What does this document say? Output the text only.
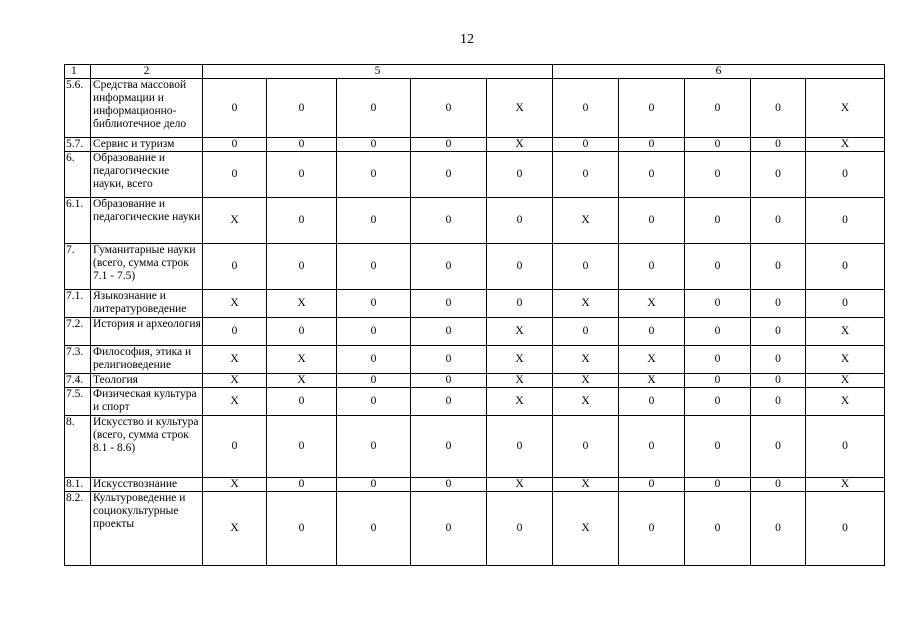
12
1	2	5					6				
5.6.	Средства массовой информации и информационно-библиотечное дело	0	0	0	0	X	0	0	0	0	X
5.7.	Сервис и туризм	0	0	0	0	X	0	0	0	0	X
6.	Образование и педагогические науки, всего	0	0	0	0	0	0	0	0	0	0
6.1.	Образование и педагогические науки	X	0	0	0	0	X	0	0	0	0
7.	Гуманитарные науки (всего, сумма строк 7.1 - 7.5)	0	0	0	0	0	0	0	0	0	0
7.1.	Языкознание и литературоведение	X	X	0	0	0	X	X	0	0	0
7.2.	История и археология	0	0	0	0	X	0	0	0	0	X
7.3.	Философия, этика и религиоведение	X	X	0	0	X	X	X	0	0	X
7.4.	Теология	X	X	0	0	X	X	X	0	0	X
7.5.	Физическая культура и спорт	X	0	0	0	X	X	0	0	0	X
8.	Искусство и культура (всего, сумма строк 8.1 - 8.6)	0	0	0	0	0	0	0	0	0	0
8.1.	Искусствознание	X	0	0	0	X	X	0	0	0	X
8.2.	Культуроведение и социокультурные проекты	X	0	0	0	0	X	0	0	0	0
